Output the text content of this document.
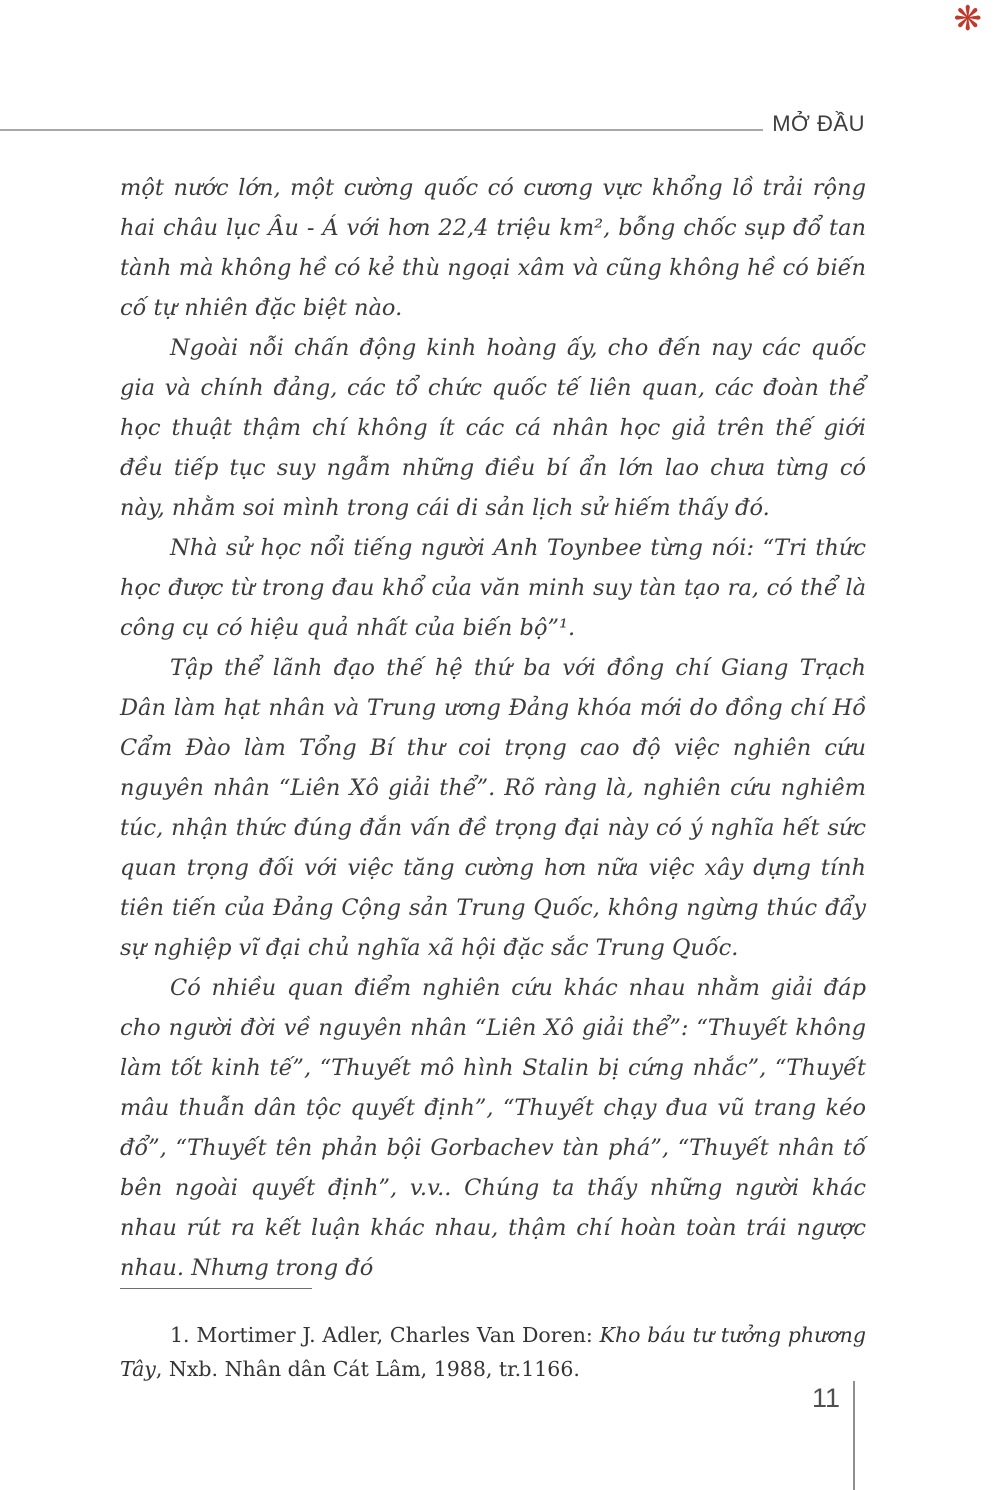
❋
MỞ ĐẦU

một nước lớn, một cường quốc có cương vực khổng lồ trải rộng hai châu lục Âu - Á với hơn 22,4 triệu km², bỗng chốc sụp đổ tan tành mà không hề có kẻ thù ngoại xâm và cũng không hề có biến cố tự nhiên đặc biệt nào.

Ngoài nỗi chấn động kinh hoàng ấy, cho đến nay các quốc gia và chính đảng, các tổ chức quốc tế liên quan, các đoàn thể học thuật thậm chí không ít các cá nhân học giả trên thế giới đều tiếp tục suy ngẫm những điều bí ẩn lớn lao chưa từng có này, nhằm soi mình trong cái di sản lịch sử hiếm thấy đó.

Nhà sử học nổi tiếng người Anh Toynbee từng nói: “Tri thức học được từ trong đau khổ của văn minh suy tàn tạo ra, có thể là công cụ có hiệu quả nhất của biến bộ”¹.

Tập thể lãnh đạo thế hệ thứ ba với đồng chí Giang Trạch Dân làm hạt nhân và Trung ương Đảng khóa mới do đồng chí Hồ Cẩm Đào làm Tổng Bí thư coi trọng cao độ việc nghiên cứu nguyên nhân “Liên Xô giải thể”. Rõ ràng là, nghiên cứu nghiêm túc, nhận thức đúng đắn vấn đề trọng đại này có ý nghĩa hết sức quan trọng đối với việc tăng cường hơn nữa việc xây dựng tính tiên tiến của Đảng Cộng sản Trung Quốc, không ngừng thúc đẩy sự nghiệp vĩ đại chủ nghĩa xã hội đặc sắc Trung Quốc.

Có nhiều quan điểm nghiên cứu khác nhau nhằm giải đáp cho người đời về nguyên nhân “Liên Xô giải thể”: “Thuyết không làm tốt kinh tế”, “Thuyết mô hình Stalin bị cứng nhắc”, “Thuyết mâu thuẫn dân tộc quyết định”, “Thuyết chạy đua vũ trang kéo đổ”, “Thuyết tên phản bội Gorbachev tàn phá”, “Thuyết nhân tố bên ngoài quyết định”, v.v.. Chúng ta thấy những người khác nhau rút ra kết luận khác nhau, thậm chí hoàn toàn trái ngược nhau. Nhưng trong đó

1. Mortimer J. Adler, Charles Van Doren: Kho báu tư tưởng phương Tây, Nxb. Nhân dân Cát Lâm, 1988, tr.1166.

11
